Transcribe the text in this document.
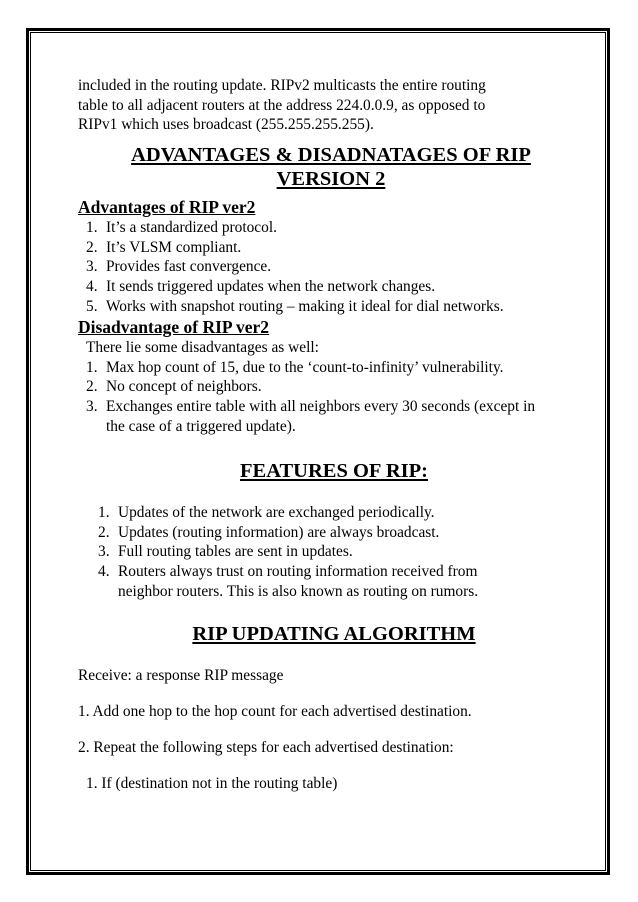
included in the routing update. RIPv2 multicasts the entire routing

table to all adjacent routers at the address 224.0.0.9, as opposed to

RIPv1 which uses broadcast (255.255.255.255).

ADVANTAGES & DISADNATAGES OF RIP

VERSION 2

Advantages of RIP ver2

1. It’s a standardized protocol.
2. It’s VLSM compliant.
3. Provides fast convergence.
4. It sends triggered updates when the network changes.
5. Works with snapshot routing – making it ideal for dial networks.

Disadvantage of RIP ver2

There lie some disadvantages as well:

1. Max hop count of 15, due to the ‘count-to-infinity’ vulnerability.
2. No concept of neighbors.
3. Exchanges entire table with all neighbors every 30 seconds (except in the case of a triggered update).

FEATURES OF RIP:

1. Updates of the network are exchanged periodically.
2. Updates (routing information) are always broadcast.
3. Full routing tables are sent in updates.
4. Routers always trust on routing information received from neighbor routers. This is also known as routing on rumors.

RIP UPDATING ALGORITHM

Receive: a response RIP message

1. Add one hop to the hop count for each advertised destination.

2. Repeat the following steps for each advertised destination:

1. If (destination not in the routing table)
